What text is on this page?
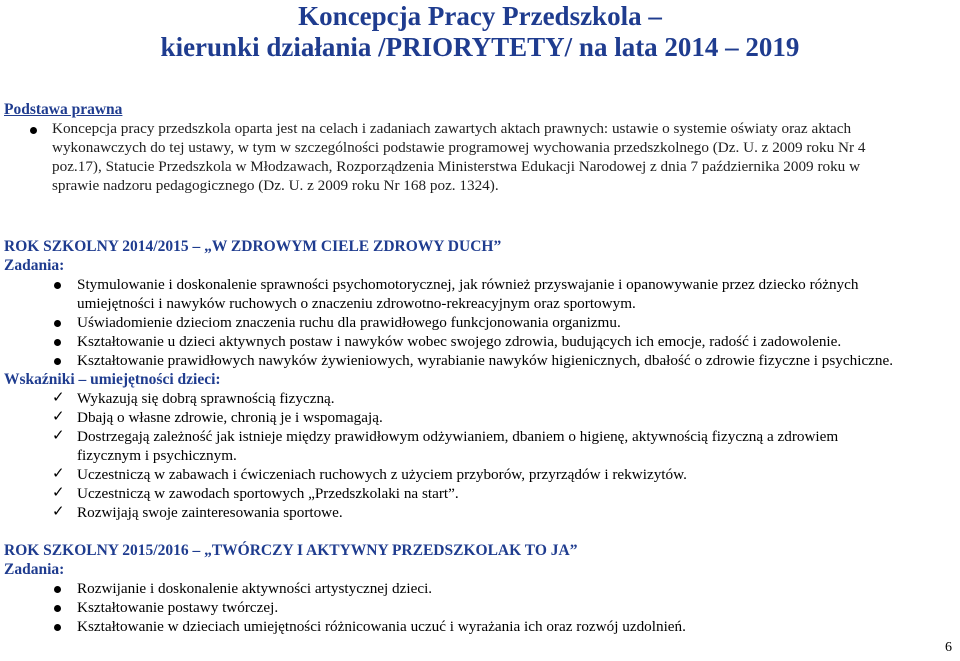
Koncepcja Pracy Przedszkola –
kierunki działania /PRIORYTETY/ na lata 2014 – 2019
Podstawa prawna
Koncepcja pracy przedszkola oparta jest na celach i zadaniach zawartych aktach prawnych: ustawie o systemie oświaty oraz aktach
wykonawczych do tej ustawy, w tym w szczególności podstawie programowej wychowania przedszkolnego (Dz. U. z 2009 roku Nr 4
poz.17), Statucie Przedszkola w Młodzawach, Rozporządzenia Ministerstwa Edukacji Narodowej z dnia 7 października 2009 roku w
sprawie nadzoru pedagogicznego (Dz. U. z 2009 roku Nr 168 poz. 1324).
ROK SZKOLNY 2014/2015 – „W ZDROWYM CIELE ZDROWY DUCH”
Zadania:
Stymulowanie i doskonalenie sprawności psychomotorycznej, jak również przyswajanie i opanowywanie przez dziecko różnych
umiejętności i nawyków ruchowych o znaczeniu zdrowotno-rekreacyjnym oraz sportowym.
Uświadomienie dzieciom znaczenia ruchu dla prawidłowego funkcjonowania organizmu.
Kształtowanie u dzieci aktywnych postaw i nawyków wobec swojego zdrowia, budujących ich emocje, radość i zadowolenie.
Kształtowanie prawidłowych nawyków żywieniowych, wyrabianie nawyków higienicznych, dbałość o zdrowie fizyczne i psychiczne.
Wskaźniki – umiejętności dzieci:
✓ Wykazują się dobrą sprawnością fizyczną.
✓ Dbają o własne zdrowie, chronią je i wspomagają.
✓ Dostrzegają zależność jak istnieje między prawidłowym odżywianiem, dbaniem o higienę, aktywnością fizyczną a zdrowiem
fizycznym i psychicznym.
✓ Uczestniczą w zabawach i ćwiczeniach ruchowych z użyciem przyborów, przyrządów i rekwizytów.
✓ Uczestniczą w zawodach sportowych „Przedszkolaki na start”.
✓ Rozwijają swoje zainteresowania sportowe.
ROK SZKOLNY 2015/2016 – „TWÓRCZY I AKTYWNY PRZEDSZKOLAK TO JA”
Zadania:
Rozwijanie i doskonalenie aktywności artystycznej dzieci.
Kształtowanie postawy twórczej.
Kształtowanie w dzieciach umiejętności różnicowania uczuć i wyrażania ich oraz rozwój uzdolnień.
6
